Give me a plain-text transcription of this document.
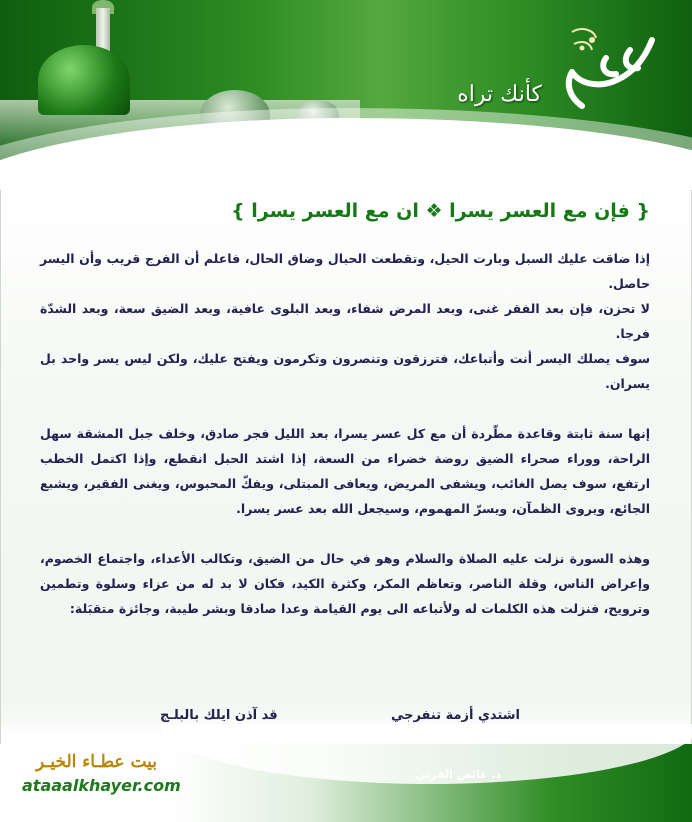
كأنك تراه
{ فإن مع العسر يسرا ❖ ان مع العسر يسرا }

إذا ضاقت عليك السبل وبارت الحيل، وتقطعت الحبال وضاق الحال، فاعلم أن الفرج قريب وأن اليسر حاصل.

لا تحزن، فإن بعد الفقر غنى، وبعد المرض شفاء، وبعد البلوى عافية، وبعد الضيق سعة، وبعد الشدّة فرجا.

سوف يصلك اليسر أنت وأتباعك، فترزقون وتنصرون وتكرمون ويفتح عليك، ولكن ليس يسر واحد بل يسران.

إنها سنة ثابتة وقاعدة مطّردة أن مع كل عسر يسرا، بعد الليل فجر صادق، وخلف جبل المشقة سهل الراحة، ووراء صحراء الضيق روضة خضراء من السعة، إذا اشتد الحبل انقطع، وإذا اكتمل الخطب ارتفع، سوف يصل الغائب، ويشفى المريض، ويعافى المبتلى، ويفكّ المحبوس، ويغنى الفقير، ويشبع الجائع، ويروى الظمآن، ويسرّ المهموم، وسيجعل الله بعد عسر يسرا.

وهذه السورة نزلت عليه الصلاة والسلام وهو في حال من الضيق، وتكالب الأعداء، واجتماع الخصوم، وإعراض الناس، وقلة الناصر، وتعاظم المكر، وكثرة الكيد، فكان لا بد له من عزاء وسلوة وتطمين وترويح، فنزلت هذه الكلمات له ولأتباعه الى يوم القيامة وعدا صادقا وبشر طيبة، وجائزة متقبَلة:

اشتدي أزمة تنفرجي
قد آذن ايلك بالبلـج
بيت عطـاء الخيـر
ataaalkhayer.com
د. عائض القرني
